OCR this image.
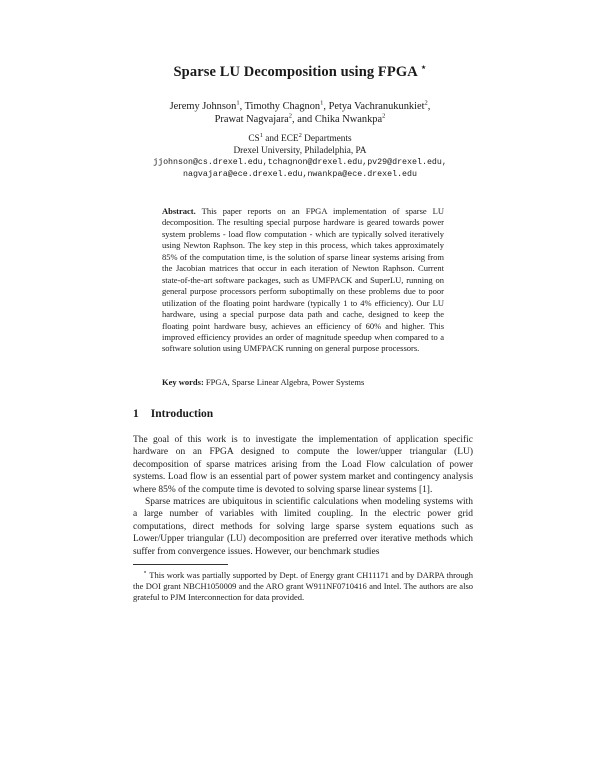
Sparse LU Decomposition using FPGA ⋆
Jeremy Johnson$^1$, Timothy Chagnon$^1$, Petya Vachranukunkiet$^2$,
Prawat Nagvajara$^2$, and Chika Nwankpa$^2$
$CS^1$ and ECE$^2$ Departments
Drexel University, Philadelphia, PA
jjohnson@cs.drexel.edu,tchagnon@drexel.edu,pv29@drexel.edu,
nagvajara@ece.drexel.edu,nwankpa@ece.drexel.edu
Abstract. This paper reports on an FPGA implementation of sparse LU decomposition. The resulting special purpose hardware is geared towards power system problems - load flow computation - which are typically solved iteratively using Newton Raphson. The key step in this process, which takes approximately 85% of the computation time, is the solution of sparse linear systems arising from the Jacobian matrices that occur in each iteration of Newton Raphson. Current state-of-the-art software packages, such as UMFPACK and SuperLU, running on general purpose processors perform suboptimally on these problems due to poor utilization of the floating point hardware (typically 1 to 4% efficiency). Our LU hardware, using a special purpose data path and cache, designed to keep the floating point hardware busy, achieves an efficiency of 60% and higher. This improved efficiency provides an order of magnitude speedup when compared to a software solution using UMFPACK running on general purpose processors.
Key words: FPGA, Sparse Linear Algebra, Power Systems
1 Introduction

The goal of this work is to investigate the implementation of application specific hardware on an FPGA designed to compute the lower/upper triangular (LU) decomposition of sparse matrices arising from the Load Flow calculation of power systems. Load flow is an essential part of power system market and contingency analysis where 85% of the compute time is devoted to solving sparse linear systems [1].

Sparse matrices are ubiquitous in scientific calculations when modeling systems with a large number of variables with limited coupling. In the electric power grid computations, direct methods for solving large sparse system equations such as Lower/Upper triangular (LU) decomposition are preferred over iterative methods which suffer from convergence issues. However, our benchmark studies

⋆ This work was partially supported by Dept. of Energy grant CH11171 and by DARPA through the DOI grant NBCH1050009 and the ARO grant W911NF0710416 and Intel. The authors are also grateful to PJM Interconnection for data provided.
